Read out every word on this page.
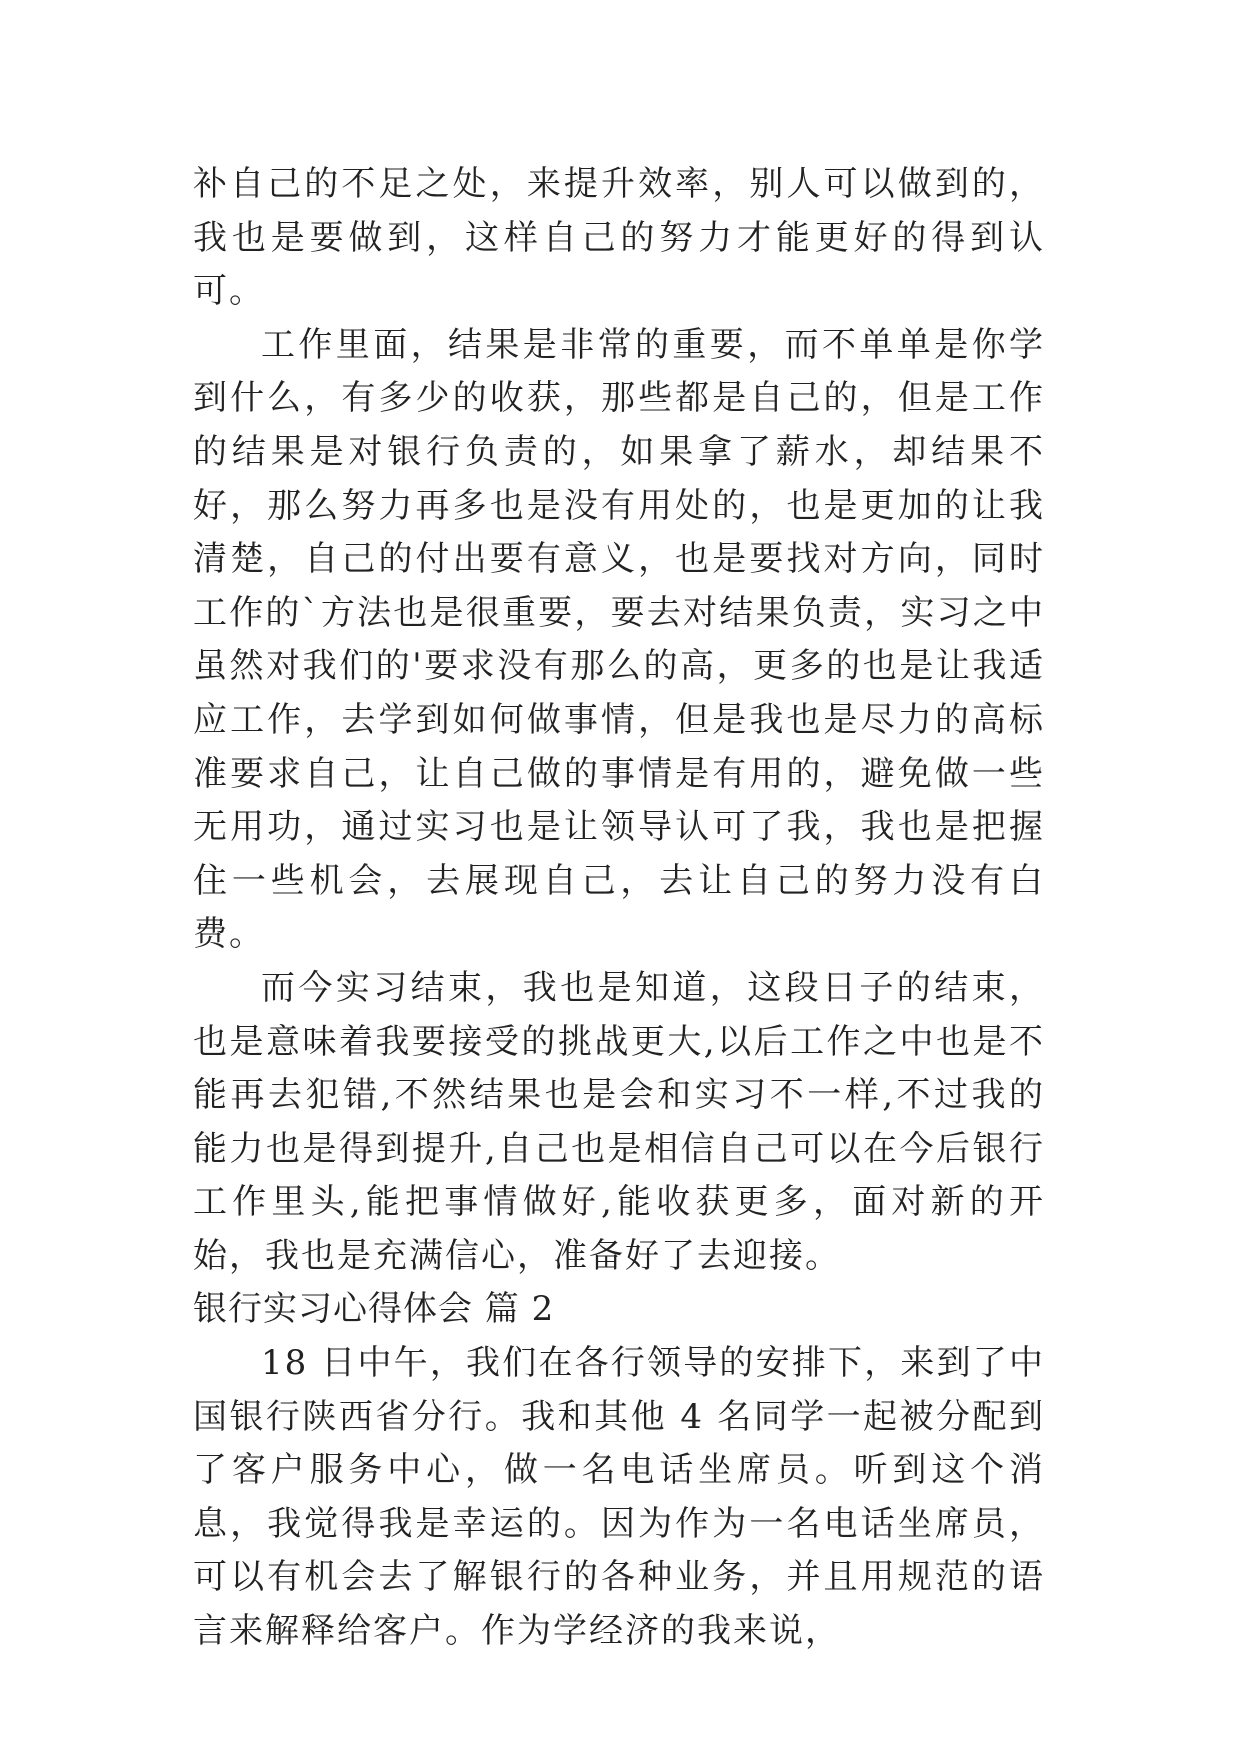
补自己的不足之处，来提升效率，别人可以做到的，我也是要做到，这样自己的努力才能更好的得到认可。

工作里面，结果是非常的重要，而不单单是你学到什么，有多少的收获，那些都是自己的，但是工作的结果是对银行负责的，如果拿了薪水，却结果不好，那么努力再多也是没有用处的，也是更加的让我清楚，自己的付出要有意义，也是要找对方向，同时工作的`方法也是很重要，要去对结果负责，实习之中虽然对我们的'要求没有那么的高，更多的也是让我适应工作，去学到如何做事情，但是我也是尽力的高标准要求自己，让自己做的事情是有用的，避免做一些无用功，通过实习也是让领导认可了我，我也是把握住一些机会，去展现自己，去让自己的努力没有白费。

而今实习结束，我也是知道，这段日子的结束，也是意味着我要接受的挑战更大,以后工作之中也是不能再去犯错,不然结果也是会和实习不一样,不过我的能力也是得到提升,自己也是相信自己可以在今后银行工作里头,能把事情做好,能收获更多，面对新的开始，我也是充满信心，准备好了去迎接。

银行实习心得体会 篇 2

18 日中午，我们在各行领导的安排下，来到了中国银行陕西省分行。我和其他 4 名同学一起被分配到了客户服务中心，做一名电话坐席员。听到这个消息，我觉得我是幸运的。因为作为一名电话坐席员，可以有机会去了解银行的各种业务，并且用规范的语言来解释给客户。作为学经济的我来说，
